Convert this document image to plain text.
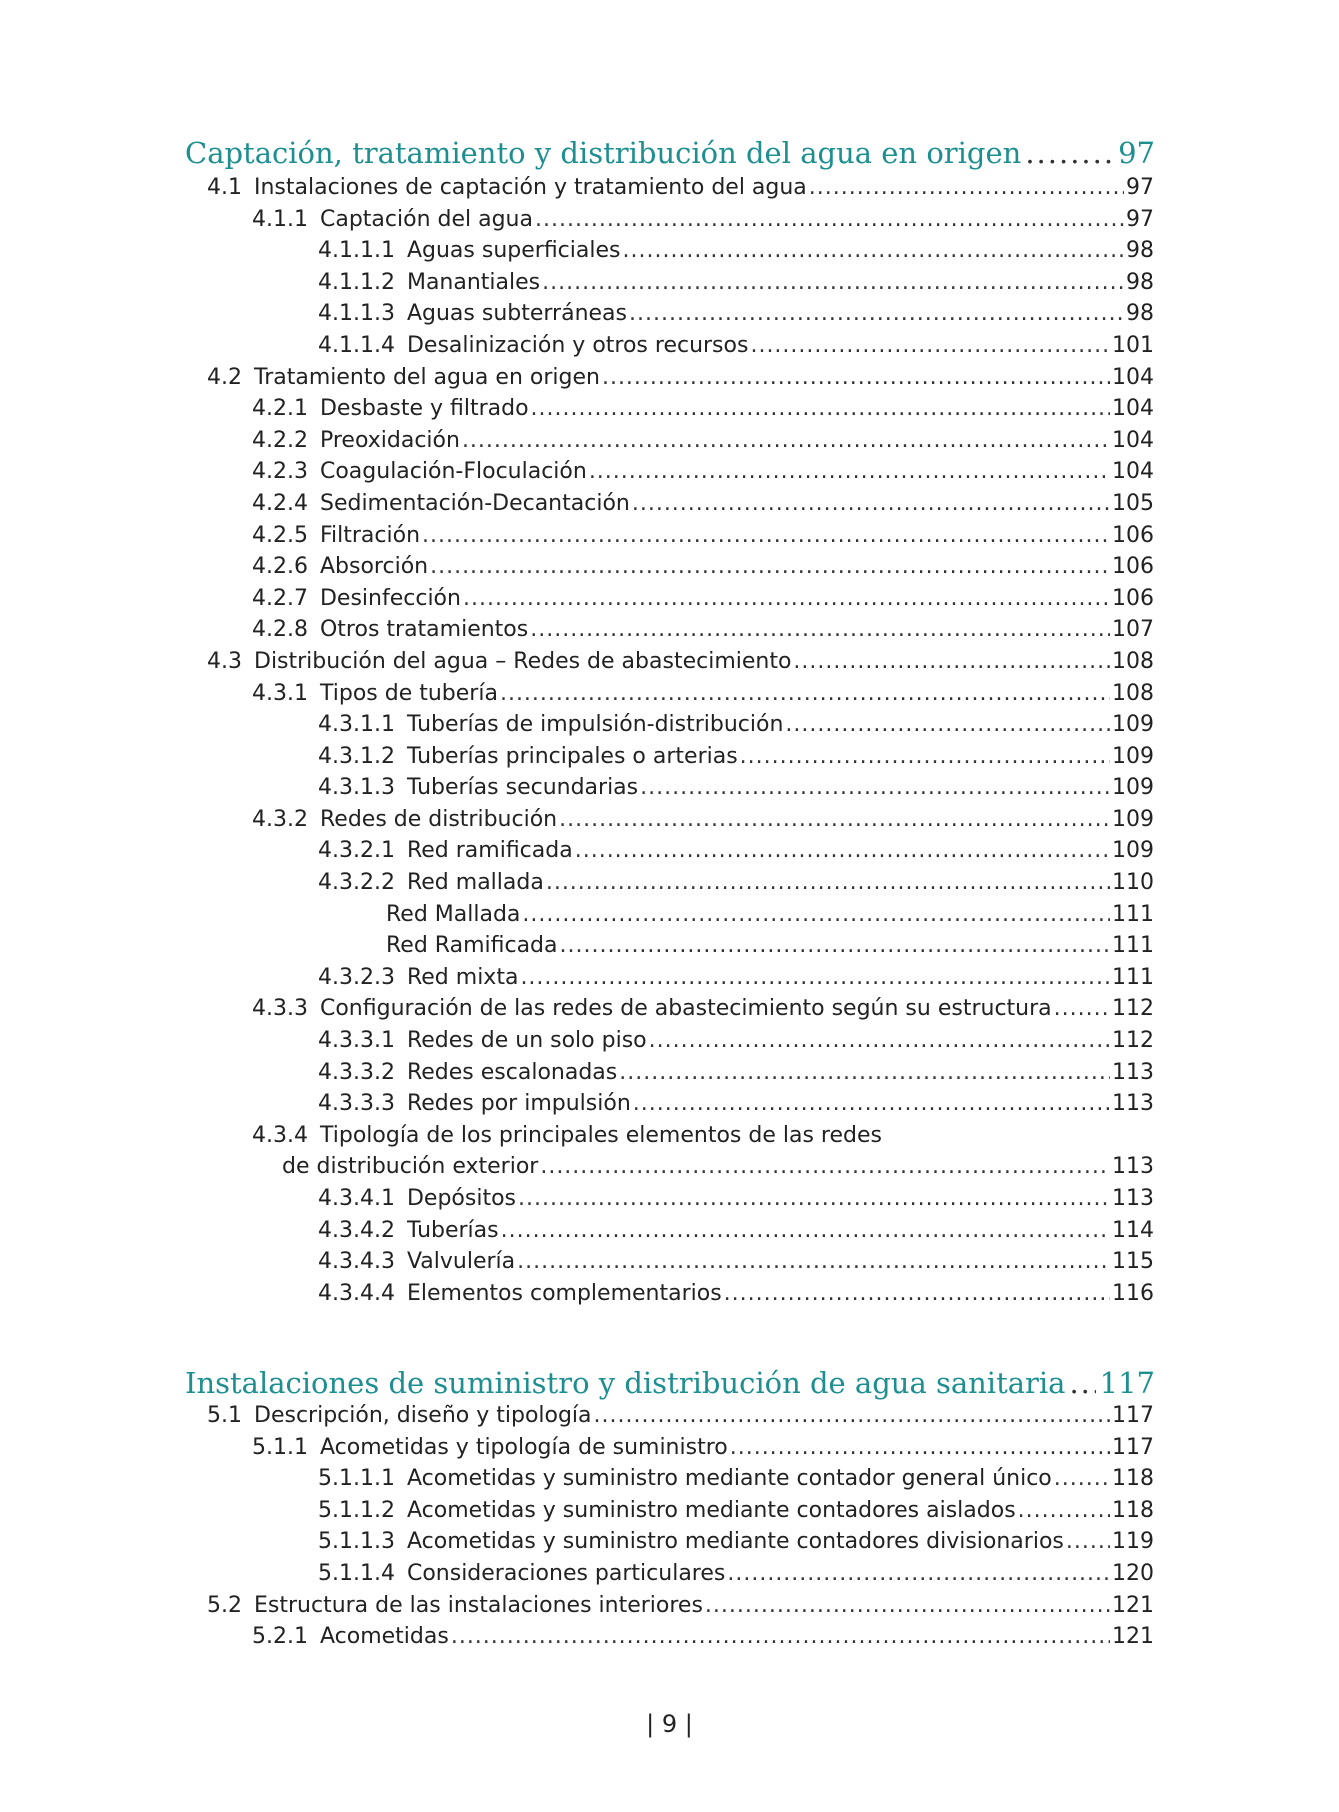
Captación, tratamiento y distribución del agua en origen .....	97
4.1 Instalaciones de captación y tratamiento del agua .....	97
4.1.1 Captación del agua .....	97
4.1.1.1 Aguas superficiales .....	98
4.1.1.2 Manantiales .....	98
4.1.1.3 Aguas subterráneas .....	98
4.1.1.4 Desalinización y otros recursos .....	101
4.2 Tratamiento del agua en origen .....	104
4.2.1 Desbaste y filtrado .....	104
4.2.2 Preoxidación .....	104
4.2.3 Coagulación-Floculación .....	104
4.2.4 Sedimentación-Decantación .....	105
4.2.5 Filtración .....	106
4.2.6 Absorción .....	106
4.2.7 Desinfección .....	106
4.2.8 Otros tratamientos .....	107
4.3 Distribución del agua – Redes de abastecimiento .....	108
4.3.1 Tipos de tubería .....	108
4.3.1.1 Tuberías de impulsión-distribución .....	109
4.3.1.2 Tuberías principales o arterias .....	109
4.3.1.3 Tuberías secundarias .....	109
4.3.2 Redes de distribución .....	109
4.3.2.1 Red ramificada .....	109
4.3.2.2 Red mallada .....	110
Red Mallada .....	111
Red Ramificada .....	111
4.3.2.3 Red mixta .....	111
4.3.3 Configuración de las redes de abastecimiento según su estructura .....	112
4.3.3.1 Redes de un solo piso .....	112
4.3.3.2 Redes escalonadas .....	113
4.3.3.3 Redes por impulsión .....	113
4.3.4 Tipología de los principales elementos de las redes
de distribución exterior .....	113
4.3.4.1 Depósitos .....	113
4.3.4.2 Tuberías .....	114
4.3.4.3 Valvulería .....	115
4.3.4.4 Elementos complementarios .....	116
Instalaciones de suministro y distribución de agua sanitaria ..... 117
5.1 Descripción, diseño y tipología .....	117
5.1.1 Acometidas y tipología de suministro .....	117
5.1.1.1 Acometidas y suministro mediante contador general único .....	118
5.1.1.2 Acometidas y suministro mediante contadores aislados .....	118
5.1.1.3 Acometidas y suministro mediante contadores divisionarios ..... 119
5.1.1.4 Consideraciones particulares .....	120
5.2 Estructura de las instalaciones interiores .....	121
5.2.1 Acometidas .....	121
| 9 |
